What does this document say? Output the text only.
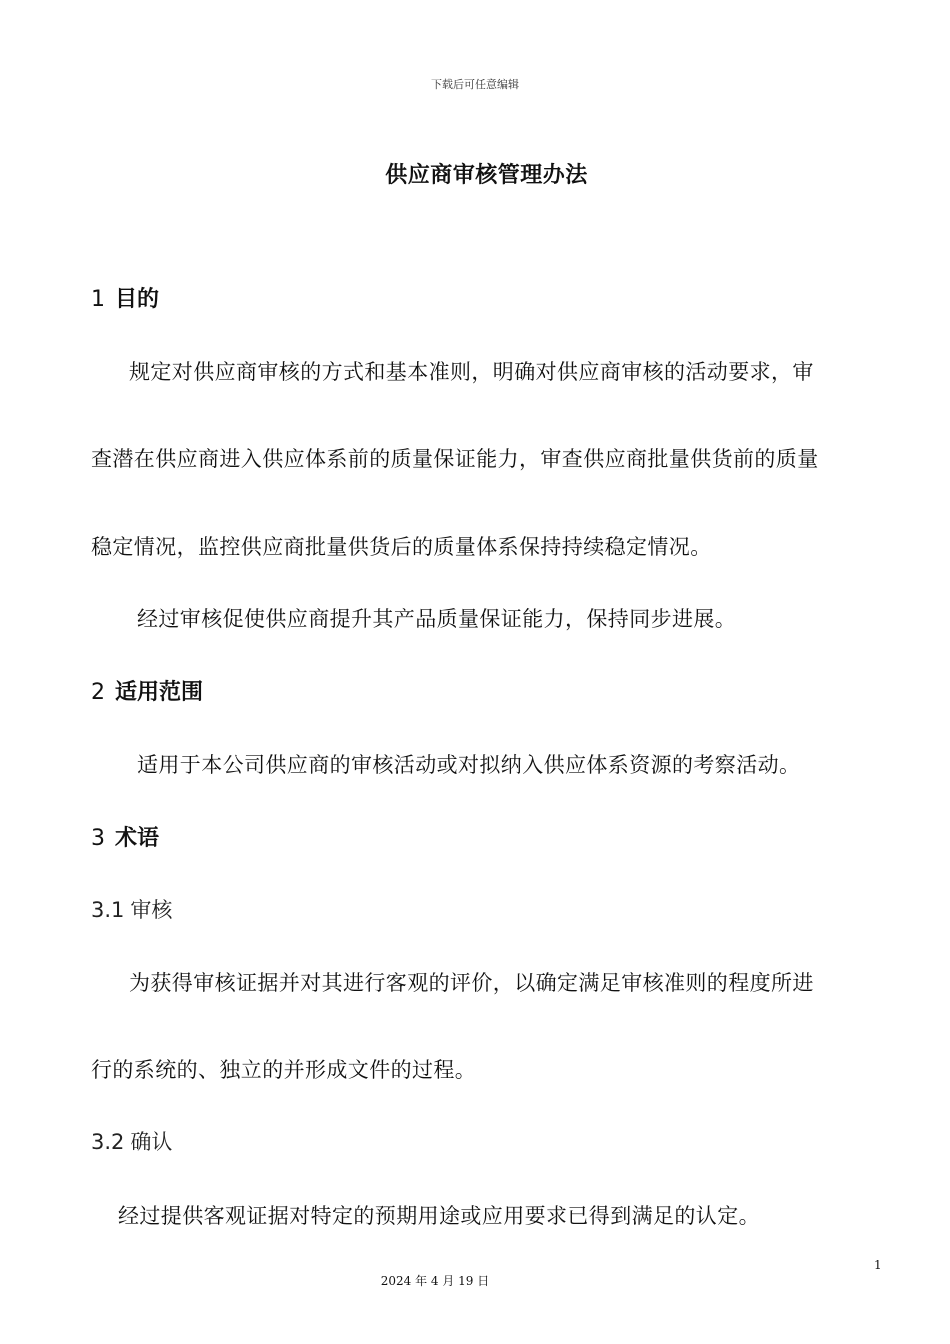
下载后可任意编辑
供应商审核管理办法
1 目的
规定对供应商审核的方式和基本准则，明确对供应商审核的活动要求，审
查潜在供应商进入供应体系前的质量保证能力，审查供应商批量供货前的质量
稳定情况，监控供应商批量供货后的质量体系保持持续稳定情况。
经过审核促使供应商提升其产品质量保证能力，保持同步进展。
2 适用范围
适用于本公司供应商的审核活动或对拟纳入供应体系资源的考察活动。
3 术语
3.1 审核
为获得审核证据并对其进行客观的评价，以确定满足审核准则的程度所进
行的系统的、独立的并形成文件的过程。
3.2 确认
经过提供客观证据对特定的预期用途或应用要求已得到满足的认定。
1
2024 年 4 月 19 日
